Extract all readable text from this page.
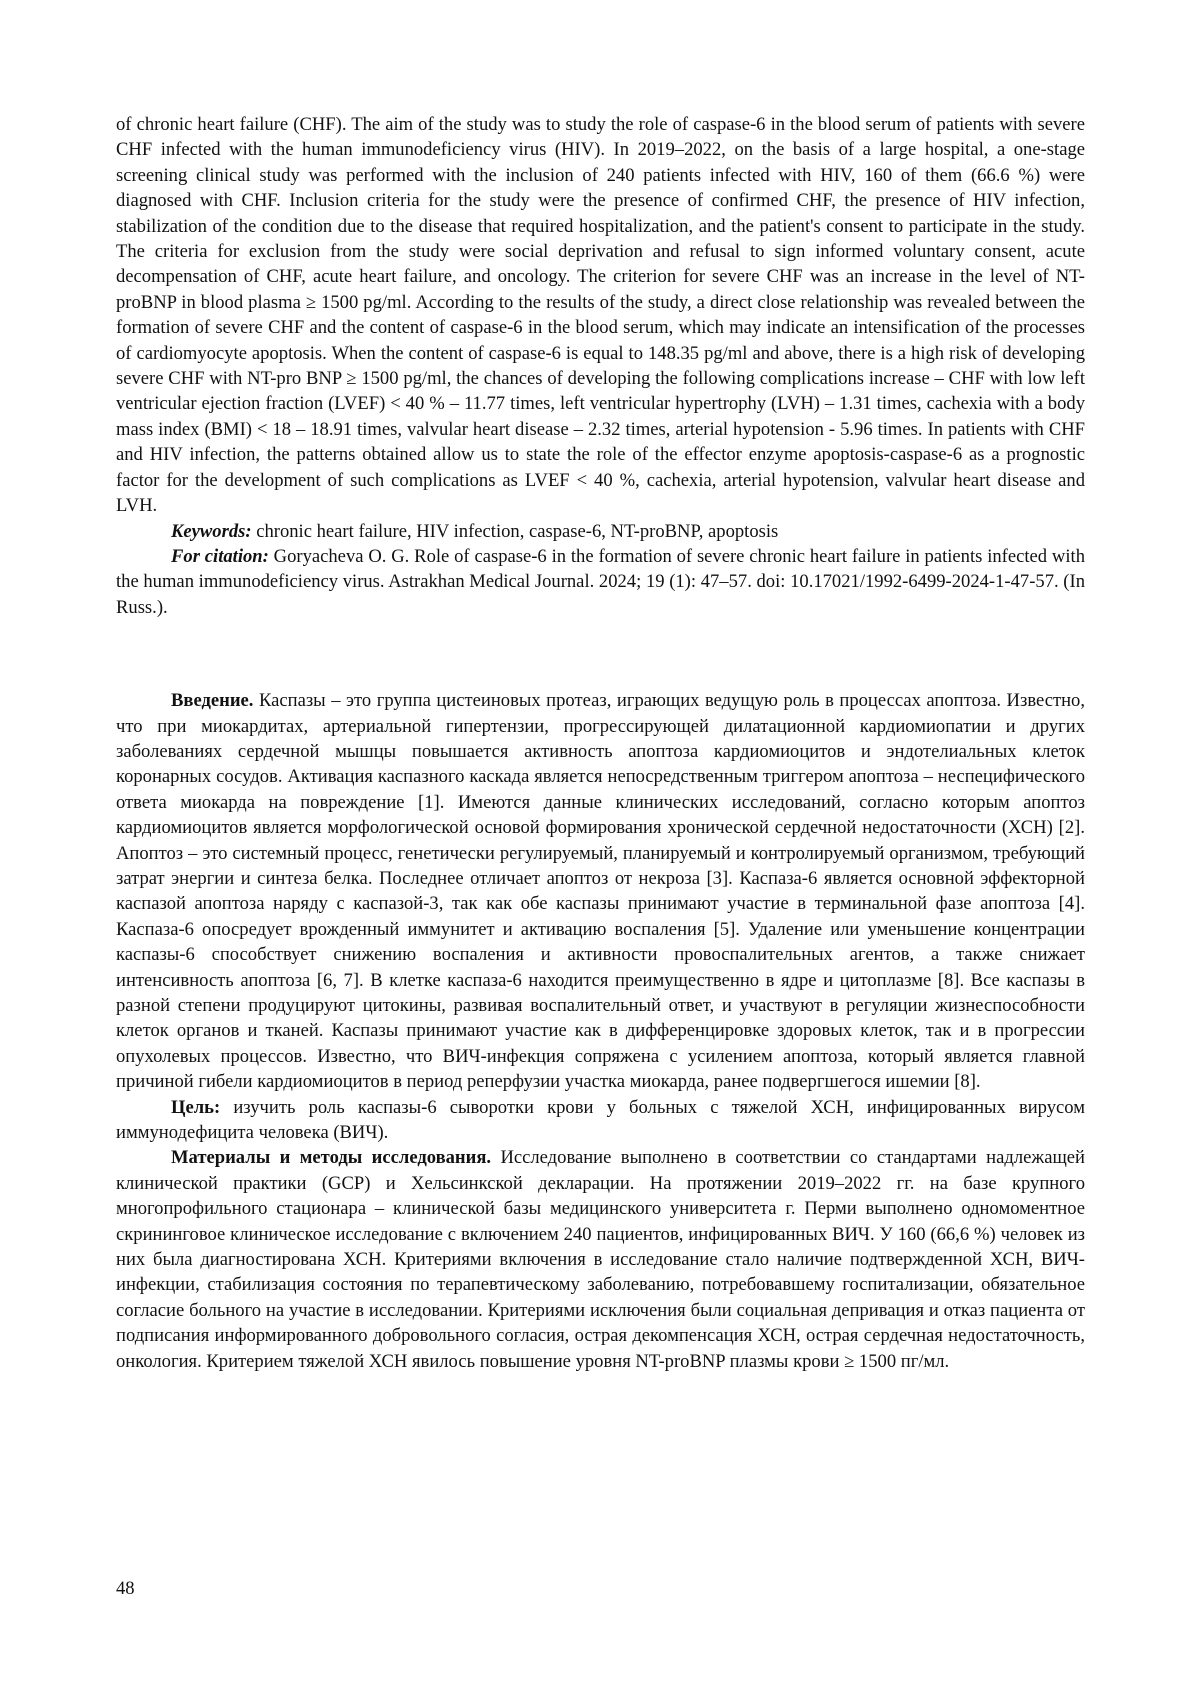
of chronic heart failure (CHF). The aim of the study was to study the role of caspase-6 in the blood serum of patients with severe CHF infected with the human immunodeficiency virus (HIV). In 2019–2022, on the basis of a large hospital, a one-stage screening clinical study was performed with the inclusion of 240 patients infected with HIV, 160 of them (66.6 %) were diagnosed with CHF. Inclusion criteria for the study were the presence of confirmed CHF, the presence of HIV infection, stabilization of the condition due to the disease that required hospitalization, and the patient's consent to participate in the study. The criteria for exclusion from the study were social deprivation and refusal to sign informed voluntary consent, acute decompensation of CHF, acute heart failure, and oncology. The criterion for severe CHF was an increase in the level of NT-proBNP in blood plasma ≥ 1500 pg/ml. According to the results of the study, a direct close relationship was revealed between the formation of severe CHF and the content of caspase-6 in the blood serum, which may indicate an intensification of the processes of cardiomyocyte apoptosis. When the content of caspase-6 is equal to 148.35 pg/ml and above, there is a high risk of developing severe CHF with NT-pro BNP ≥ 1500 pg/ml, the chances of developing the following complications increase – CHF with low left ventricular ejection fraction (LVEF) < 40 % – 11.77 times, left ventricular hypertrophy (LVH) – 1.31 times, cachexia with a body mass index (BMI) < 18 – 18.91 times, valvular heart disease – 2.32 times, arterial hypotension - 5.96 times. In patients with CHF and HIV infection, the patterns obtained allow us to state the role of the effector enzyme apoptosis-caspase-6 as a prognostic factor for the development of such complications as LVEF < 40 %, cachexia, arterial hypotension, valvular heart disease and LVH.

Keywords: chronic heart failure, HIV infection, caspase-6, NT-proBNP, apoptosis

For citation: Goryacheva O. G. Role of caspase-6 in the formation of severe chronic heart failure in patients infected with the human immunodeficiency virus. Astrakhan Medical Journal. 2024; 19 (1): 47–57. doi: 10.17021/1992-6499-2024-1-47-57. (In Russ.).

Введение. Каспазы – это группа цистеиновых протеаз, играющих ведущую роль в процессах апоптоза. Известно, что при миокардитах, артериальной гипертензии, прогрессирующей дилатационной кардиомиопатии и других заболеваниях сердечной мышцы повышается активность апоптоза кардиомиоцитов и эндотелиальных клеток коронарных сосудов. Активация каспазного каскада является непосредственным триггером апоптоза – неспецифического ответа миокарда на повреждение [1]. Имеются данные клинических исследований, согласно которым апоптоз кардиомиоцитов является морфологической основой формирования хронической сердечной недостаточности (ХСН) [2]. Апоптоз – это системный процесс, генетически регулируемый, планируемый и контролируемый организмом, требующий затрат энергии и синтеза белка. Последнее отличает апоптоз от некроза [3]. Каспаза-6 является основной эффекторной каспазой апоптоза наряду с каспазой-3, так как обе каспазы принимают участие в терминальной фазе апоптоза [4]. Каспаза-6 опосредует врожденный иммунитет и активацию воспаления [5]. Удаление или уменьшение концентрации каспазы-6 способствует снижению воспаления и активности провоспалительных агентов, а также снижает интенсивность апоптоза [6, 7]. В клетке каспаза-6 находится преимущественно в ядре и цитоплазме [8]. Все каспазы в разной степени продуцируют цитокины, развивая воспалительный ответ, и участвуют в регуляции жизнеспособности клеток органов и тканей. Каспазы принимают участие как в дифференцировке здоровых клеток, так и в прогрессии опухолевых процессов. Известно, что ВИЧ-инфекция сопряжена с усилением апоптоза, который является главной причиной гибели кардиомиоцитов в период реперфузии участка миокарда, ранее подвергшегося ишемии [8].

Цель: изучить роль каспазы-6 сыворотки крови у больных с тяжелой ХСН, инфицированных вирусом иммунодефицита человека (ВИЧ).

Материалы и методы исследования. Исследование выполнено в соответствии со стандартами надлежащей клинической практики (GCP) и Хельсинкской декларации. На протяжении 2019–2022 гг. на базе крупного многопрофильного стационара – клинической базы медицинского университета г. Перми выполнено одномоментное скрининговое клиническое исследование с включением 240 пациентов, инфицированных ВИЧ. У 160 (66,6 %) человек из них была диагностирована ХСН. Критериями включения в исследование стало наличие подтвержденной ХСН, ВИЧ-инфекции, стабилизация состояния по терапевтическому заболеванию, потребовавшему госпитализации, обязательное согласие больного на участие в исследовании. Критериями исключения были социальная депривация и отказ пациента от подписания информированного добровольного согласия, острая декомпенсация ХСН, острая сердечная недостаточность, онкология. Критерием тяжелой ХСН явилось повышение уровня NT-proBNP плазмы крови ≥ 1500 пг/мл.

48
